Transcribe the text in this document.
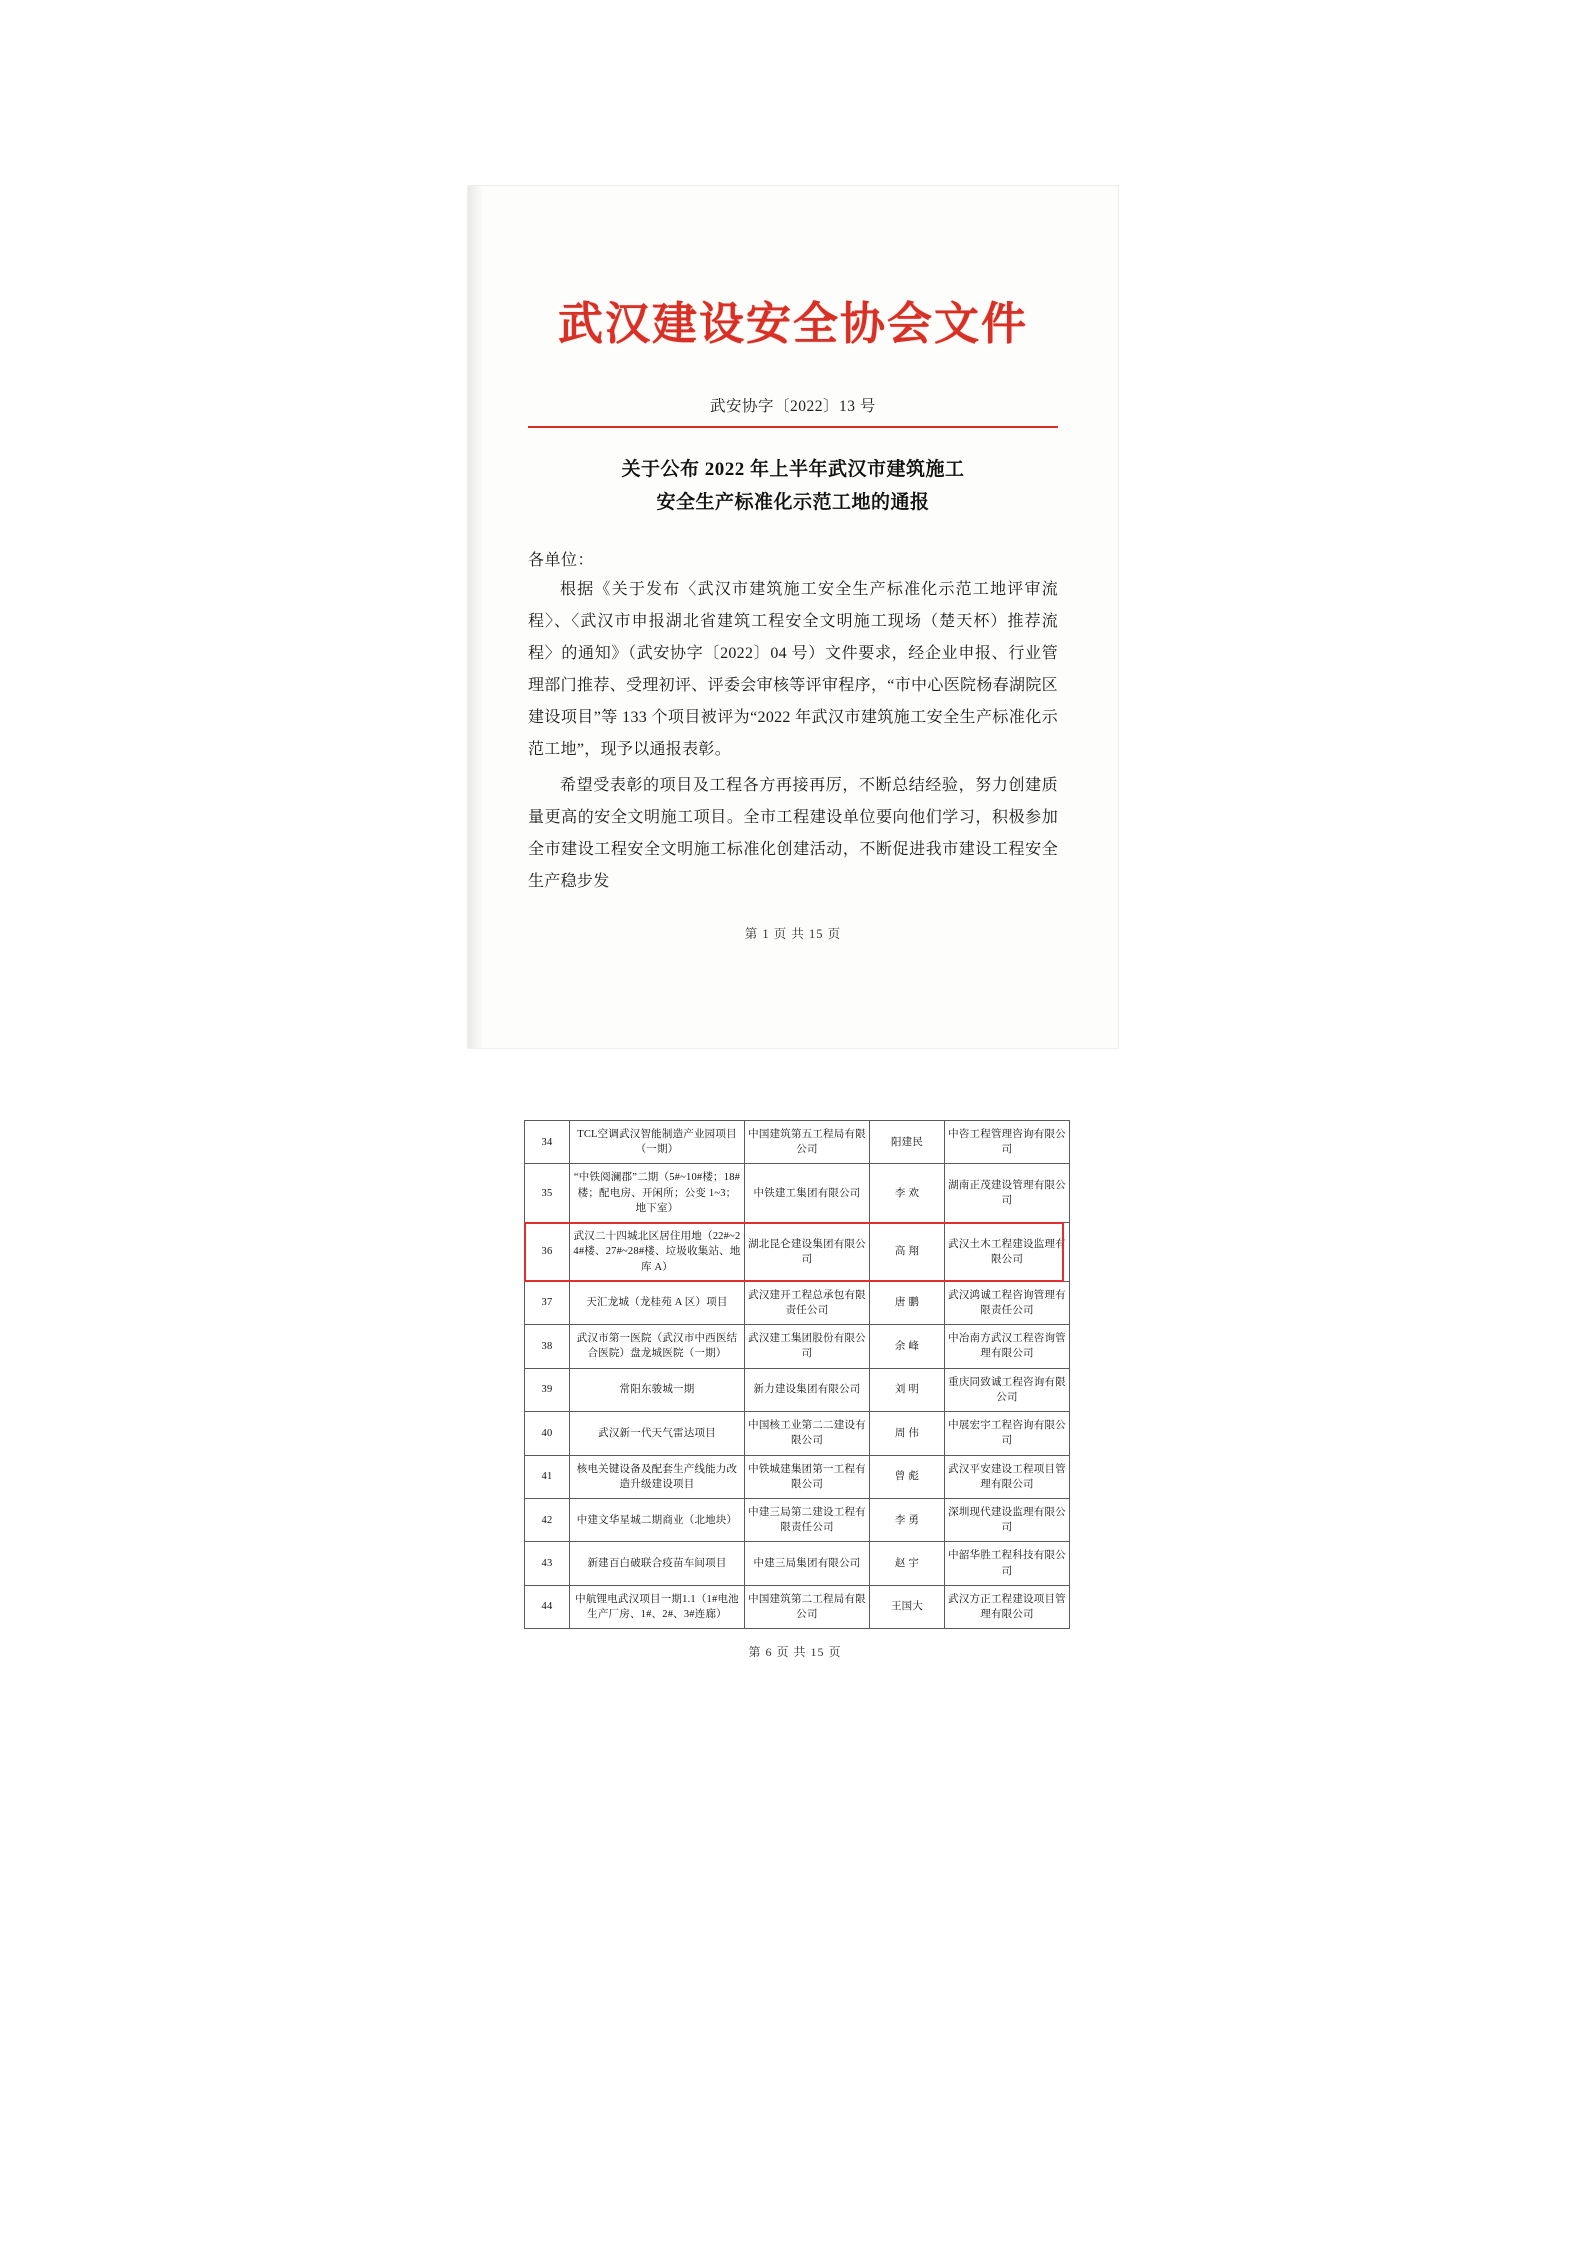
武汉建设安全协会文件
武安协字〔2022〕13 号
关于公布 2022 年上半年武汉市建筑施工
安全生产标准化示范工地的通报
各单位：
根据《关于发布〈武汉市建筑施工安全生产标准化示范工地评审流程〉、〈武汉市申报湖北省建筑工程安全文明施工现场（楚天杯）推荐流程〉的通知》（武安协字〔2022〕04 号）文件要求，经企业申报、行业管理部门推荐、受理初评、评委会审核等评审程序，“市中心医院杨春湖院区建设项目”等 133 个项目被评为“2022 年武汉市建筑施工安全生产标准化示范工地”，现予以通报表彰。
希望受表彰的项目及工程各方再接再厉，不断总结经验，努力创建质量更高的安全文明施工项目。全市工程建设单位要向他们学习，积极参加全市建设工程安全文明施工标准化创建活动，不断促进我市建设工程安全生产稳步发
第 1 页 共 15 页
34	TCL空调武汉智能制造产业园项目（一期）	中国建筑第五工程局有限公司	阳建民	中咨工程管理咨询有限公司
35	“中铁阅澜郡”二期（5#~10#楼；18#楼；配电房、开闲所；公变 1~3；地下室）	中铁建工集团有限公司	李 欢	湖南正茂建设管理有限公司
36	武汉二十四城北区居住用地（22#~24#楼、27#~28#楼、垃圾收集站、地库 A）	湖北昆仑建设集团有限公司	高 翔	武汉土木工程建设监理有限公司
37	天汇龙城（龙桂苑 A 区）项目	武汉建开工程总承包有限责任公司	唐 鹏	武汉鸿诚工程咨询管理有限责任公司
38	武汉市第一医院（武汉市中西医结合医院）盘龙城医院（一期）	武汉建工集团股份有限公司	余 峰	中冶南方武汉工程咨询管理有限公司
39	常阳东骏城一期	新力建设集团有限公司	刘 明	重庆同致诚工程咨询有限公司
40	武汉新一代天气雷达项目	中国核工业第二二建设有限公司	周 伟	中展宏宇工程咨询有限公司
41	核电关键设备及配套生产线能力改造升级建设项目	中铁城建集团第一工程有限公司	曾 彪	武汉平安建设工程项目管理有限公司
42	中建文华星城二期商业（北地块）	中建三局第二建设工程有限责任公司	李 勇	深圳现代建设监理有限公司
43	新建百白破联合疫苗车间项目	中建三局集团有限公司	赵 宇	中韶华胜工程科技有限公司
44	中航锂电武汉项目一期1.1（1#电池生产厂房、1#、2#、3#连廊）	中国建筑第二工程局有限公司	王国大	武汉方正工程建设项目管理有限公司
第 6 页 共 15 页
